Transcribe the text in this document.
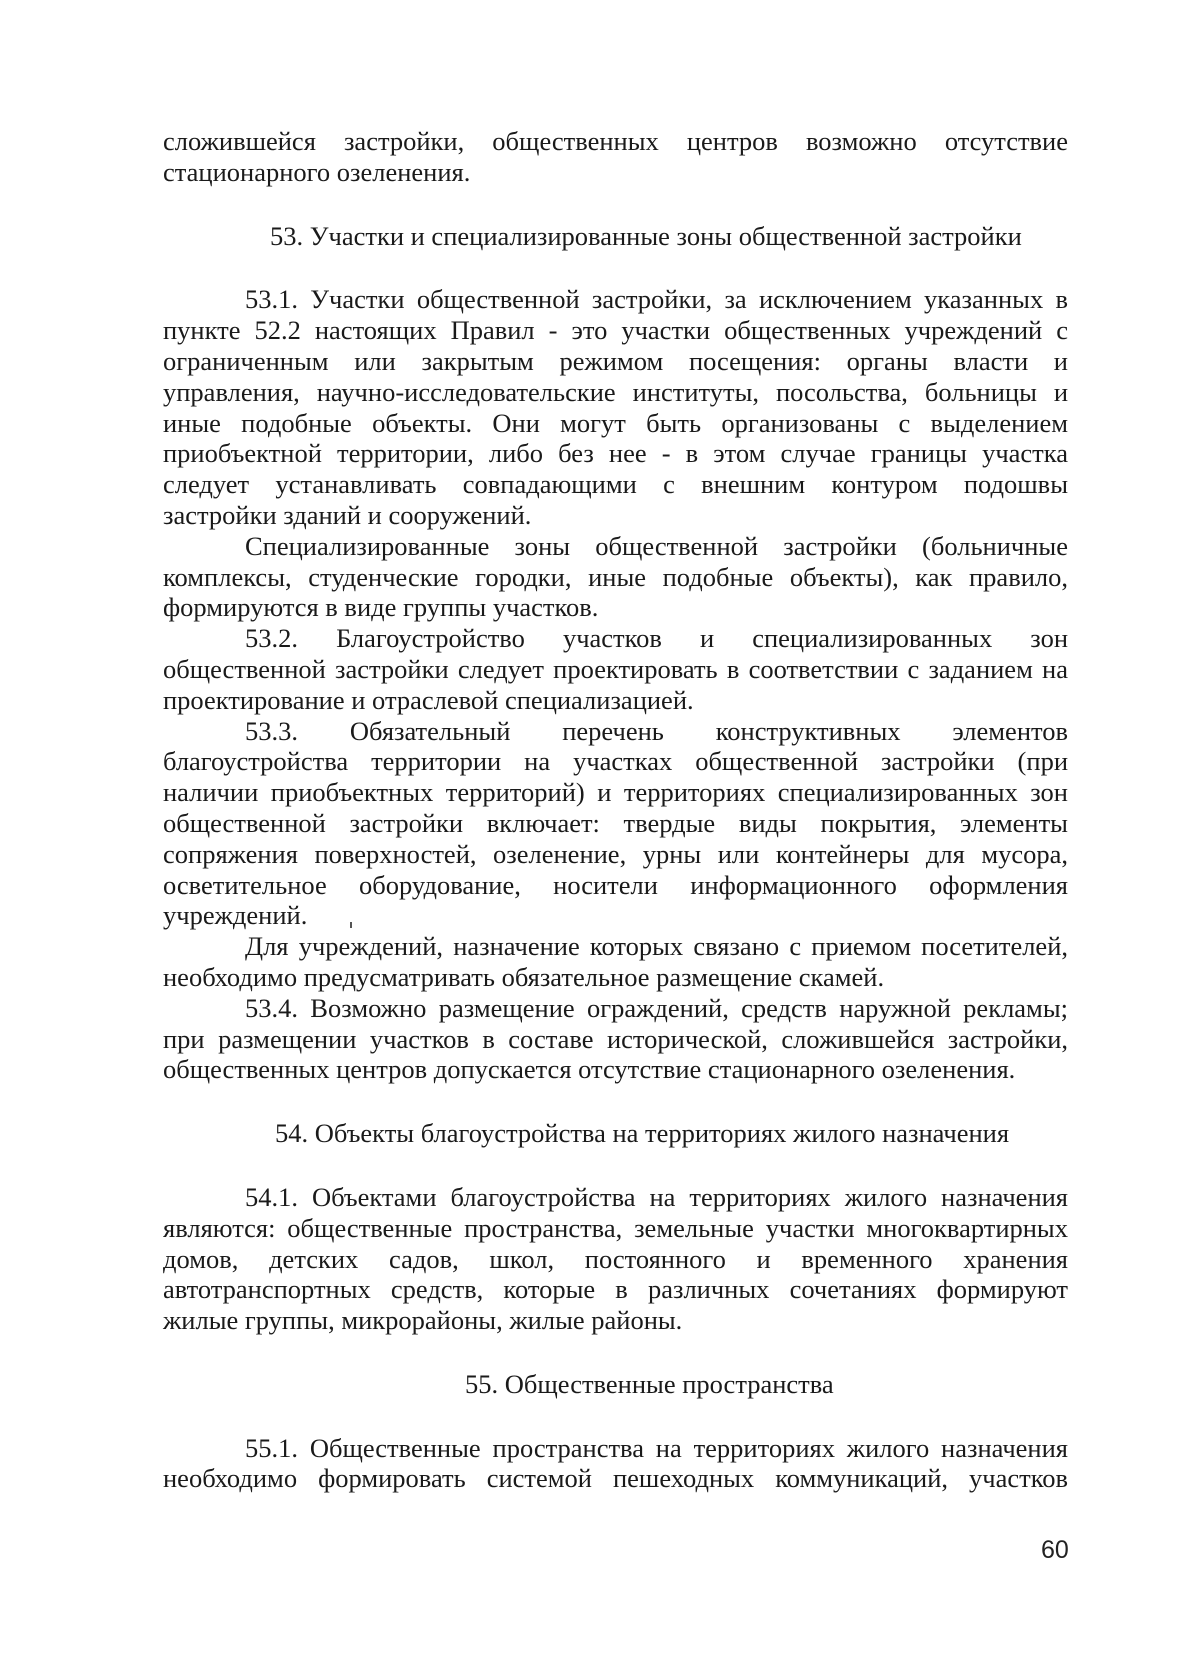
сложившейся застройки, общественных центров возможно отсутствие стационарного озеленения.

53. Участки и специализированные зоны общественной застройки

53.1. Участки общественной застройки, за исключением указанных в пункте 52.2 настоящих Правил - это участки общественных учреждений с ограниченным или закрытым режимом посещения: органы власти и управления, научно-исследовательские институты, посольства, больницы и иные подобные объекты. Они могут быть организованы с выделением приобъектной территории, либо без нее - в этом случае границы участка следует устанавливать совпадающими с внешним контуром подошвы застройки зданий и сооружений.

Специализированные зоны общественной застройки (больничные комплексы, студенческие городки, иные подобные объекты), как правило, формируются в виде группы участков.

53.2. Благоустройство участков и специализированных зон общественной застройки следует проектировать в соответствии с заданием на проектирование и отраслевой специализацией.

53.3. Обязательный перечень конструктивных элементов благоустройства территории на участках общественной застройки (при наличии приобъектных территорий) и территориях специализированных зон общественной застройки включает: твердые виды покрытия, элементы сопряжения поверхностей, озеленение, урны или контейнеры для мусора, осветительное оборудование, носители информационного оформления учреждений.

Для учреждений, назначение которых связано с приемом посетителей, необходимо предусматривать обязательное размещение скамей.

53.4. Возможно размещение ограждений, средств наружной рекламы; при размещении участков в составе исторической, сложившейся застройки, общественных центров допускается отсутствие стационарного озеленения.

54. Объекты благоустройства на территориях жилого назначения

54.1. Объектами благоустройства на территориях жилого назначения являются: общественные пространства, земельные участки многоквартирных домов, детских садов, школ, постоянного и временного хранения автотранспортных средств, которые в различных сочетаниях формируют жилые группы, микрорайоны, жилые районы.

55. Общественные пространства

55.1. Общественные пространства на территориях жилого назначения необходимо формировать системой пешеходных коммуникаций, участков

60
